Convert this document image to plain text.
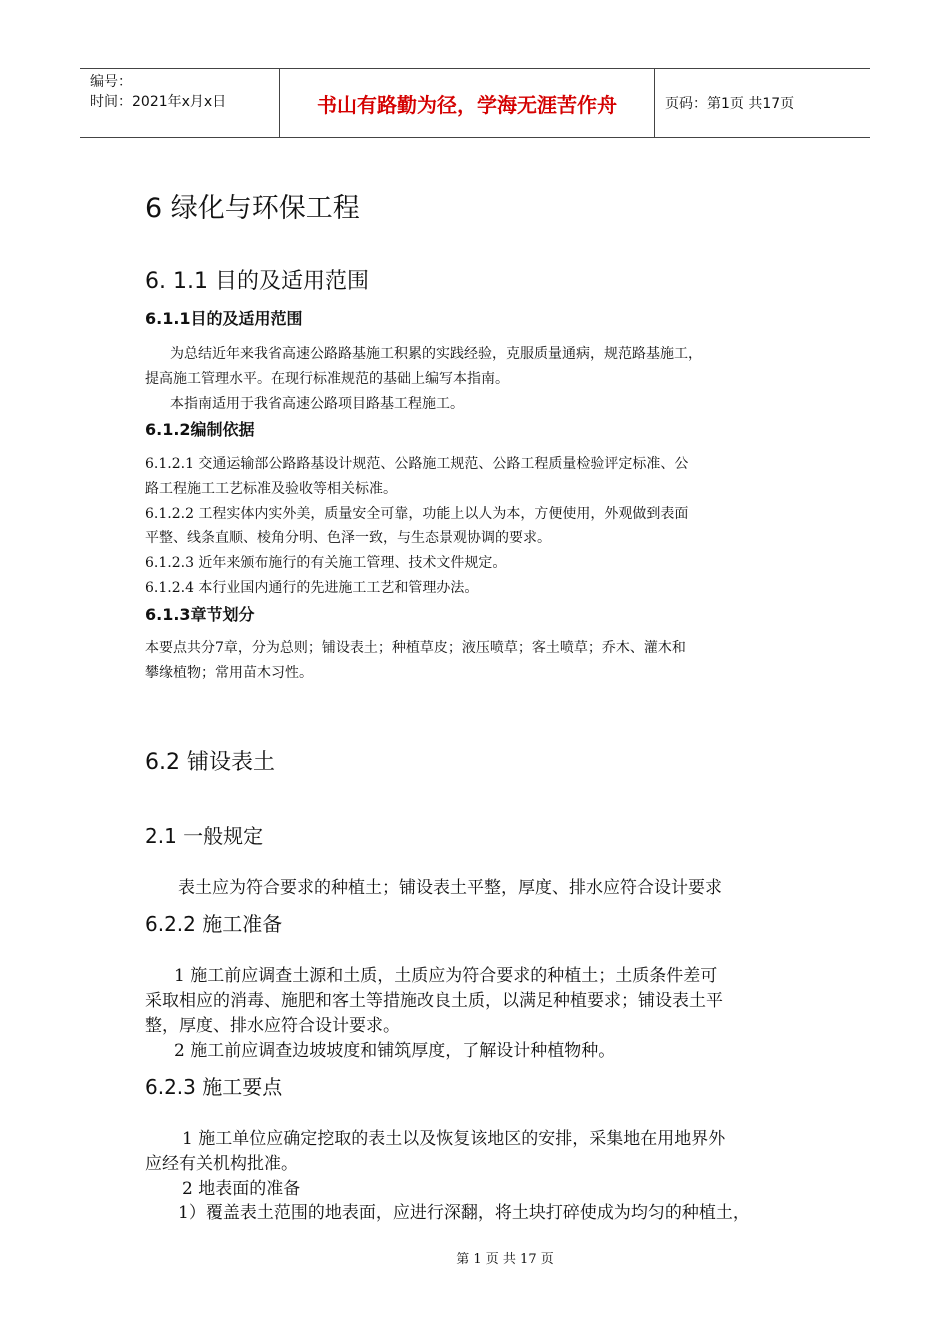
编号：
时间：2021年x月x日	书山有路勤为径，学海无涯苦作舟	页码：第1页 共17页
6 绿化与环保工程
6. 1.1 目的及适用范围
6.1.1目的及适用范围
为总结近年来我省高速公路路基施工积累的实践经验，克服质量通病，规范路基施工，
提高施工管理水平。在现行标准规范的基础上编写本指南。
本指南适用于我省高速公路项目路基工程施工。
6.1.2编制依据
6.1.2.1 交通运输部公路路基设计规范、公路施工规范、公路工程质量检验评定标准、公
路工程施工工艺标准及验收等相关标准。
6.1.2.2 工程实体内实外美，质量安全可靠，功能上以人为本，方便使用，外观做到表面
平整、线条直顺、棱角分明、色泽一致，与生态景观协调的要求。
6.1.2.3 近年来颁布施行的有关施工管理、技术文件规定。
6.1.2.4 本行业国内通行的先进施工工艺和管理办法。
6.1.3章节划分
本要点共分7章，分为总则；铺设表土；种植草皮；液压喷草；客土喷草；乔木、灌木和
攀缘植物；常用苗木习性。
6.2 铺设表土
2.1 一般规定
表土应为符合要求的种植土；铺设表土平整，厚度、排水应符合设计要求
6.2.2 施工准备
1 施工前应调查土源和土质，土质应为符合要求的种植土；土质条件差可
采取相应的消毒、施肥和客土等措施改良土质，以满足种植要求；铺设表土平
整，厚度、排水应符合设计要求。
2 施工前应调查边坡坡度和铺筑厚度，了解设计种植物种。
6.2.3 施工要点
1 施工单位应确定挖取的表土以及恢复该地区的安排，采集地在用地界外
应经有关机构批准。
2 地表面的准备
1）覆盖表土范围的地表面，应进行深翻，将土块打碎使成为均匀的种植土，
第 1 页 共 17 页
